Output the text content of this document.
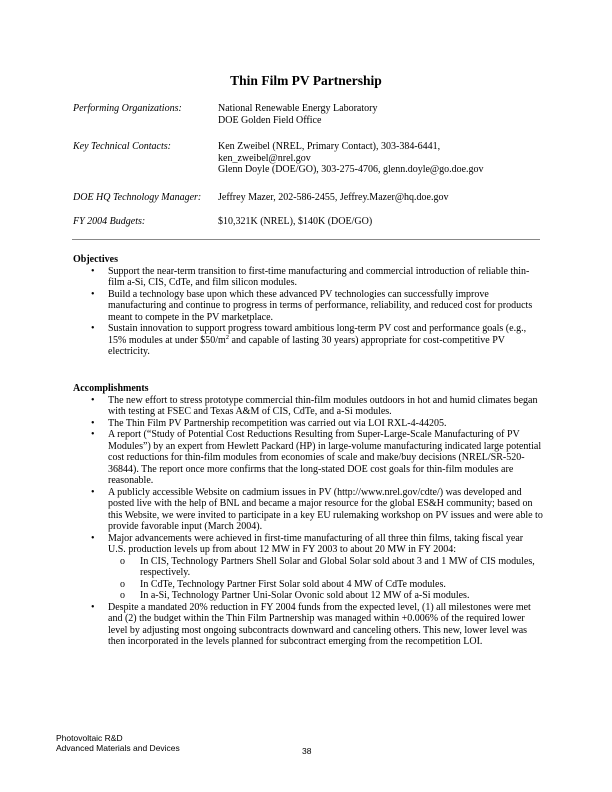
Thin Film PV Partnership
Performing Organizations:	National Renewable Energy Laboratory
DOE Golden Field Office
Key Technical Contacts:	Ken Zweibel (NREL, Primary Contact), 303-384-6441,
ken_zweibel@nrel.gov
Glenn Doyle (DOE/GO), 303-275-4706, glenn.doyle@go.doe.gov
DOE HQ Technology Manager: Jeffrey Mazer, 202-586-2455, Jeffrey.Mazer@hq.doe.gov
FY 2004 Budgets:	$10,321K (NREL), $140K (DOE/GO)
Objectives
• Support the near-term transition to first-time manufacturing and commercial introduction of reliable thin-film a-Si, CIS, CdTe, and film silicon modules.
• Build a technology base upon which these advanced PV technologies can successfully improve manufacturing and continue to progress in terms of performance, reliability, and reduced cost for products meant to compete in the PV marketplace.
• Sustain innovation to support progress toward ambitious long-term PV cost and performance goals (e.g., 15% modules at under $\$50/m^2$ and capable of lasting 30 years) appropriate for cost-competitive PV electricity.
Accomplishments
• The new effort to stress prototype commercial thin-film modules outdoors in hot and humid climates began with testing at FSEC and Texas A&M of CIS, CdTe, and a-Si modules.
• The Thin Film PV Partnership recompetition was carried out via LOI RXL-4-44205.
• A report (“Study of Potential Cost Reductions Resulting from Super-Large-Scale Manufacturing of PV Modules”) by an expert from Hewlett Packard (HP) in large-volume manufacturing indicated large potential cost reductions for thin-film modules from economies of scale and make/buy decisions (NREL/SR-520-36844). The report once more confirms that the long-stated DOE cost goals for thin-film modules are reasonable.
• A publicly accessible Website on cadmium issues in PV (http://www.nrel.gov/cdte/) was developed and posted live with the help of BNL and became a major resource for the global ES&H community; based on this Website, we were invited to participate in a key EU rulemaking workshop on PV issues and were able to provide favorable input (March 2004).
• Major advancements were achieved in first-time manufacturing of all three thin films, taking fiscal year U.S. production levels up from about 12 MW in FY 2003 to about 20 MW in FY 2004:
o In CIS, Technology Partners Shell Solar and Global Solar sold about 3 and 1 MW of CIS modules, respectively.
o In CdTe, Technology Partner First Solar sold about 4 MW of CdTe modules.
o In a-Si, Technology Partner Uni-Solar Ovonic sold about 12 MW of a-Si modules.
• Despite a mandated 20% reduction in FY 2004 funds from the expected level, (1) all milestones were met and (2) the budget within the Thin Film Partnership was managed within +0.006% of the required lower level by adjusting most ongoing subcontracts downward and canceling others. This new, lower level was then incorporated in the levels planned for subcontract emerging from the recompetition LOI.
Photovoltaic R&D
Advanced Materials and Devices	38
